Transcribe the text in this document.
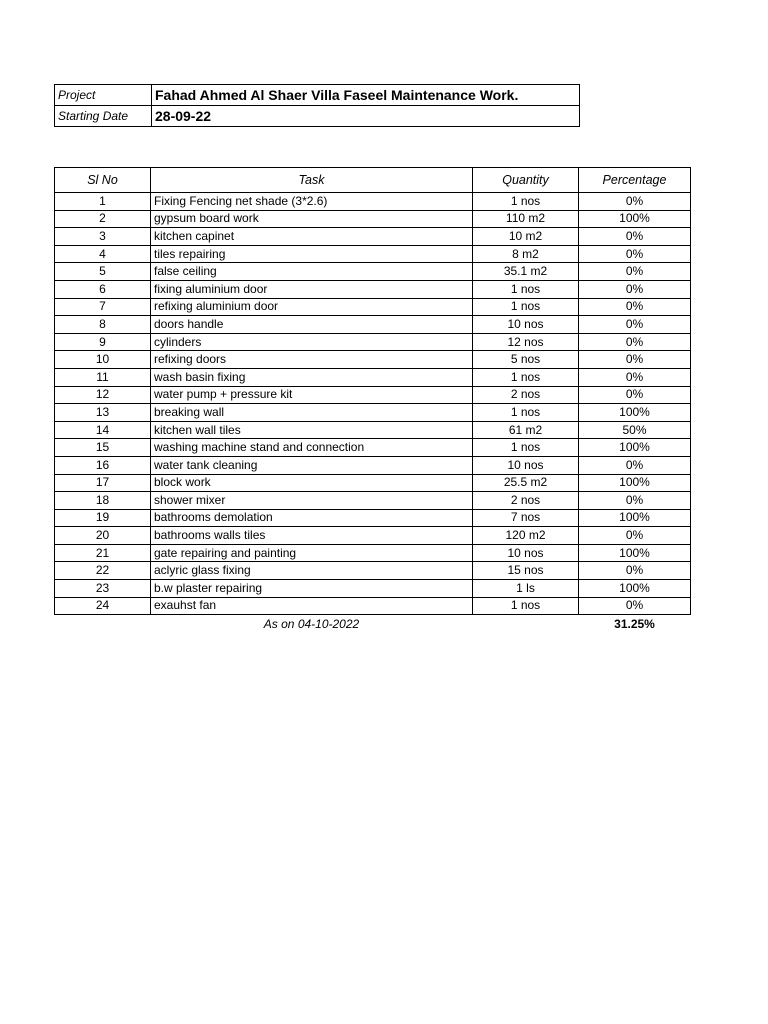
Project	Fahad Ahmed Al Shaer Villa Faseel Maintenance Work.
Starting Date	28-09-22
Sl No	Task	Quantity	Percentage
1	Fixing Fencing net shade (3*2.6)	1 nos	0%
2	gypsum board work	110 m2	100%
3	kitchen capinet	10 m2	0%
4	tiles repairing	8 m2	0%
5	false ceiling	35.1 m2	0%
6	fixing aluminium door	1 nos	0%
7	refixing aluminium door	1 nos	0%
8	doors handle	10 nos	0%
9	cylinders	12 nos	0%
10	refixing doors	5 nos	0%
11	wash basin fixing	1 nos	0%
12	water pump + pressure kit	2 nos	0%
13	breaking wall	1 nos	100%
14	kitchen wall tiles	61 m2	50%
15	washing machine stand and connection	1 nos	100%
16	water tank cleaning	10 nos	0%
17	block work	25.5 m2	100%
18	shower mixer	2 nos	0%
19	bathrooms demolation	7 nos	100%
20	bathrooms walls tiles	120 m2	0%
21	gate repairing and painting	10 nos	100%
22	aclyric glass fixing	15 nos	0%
23	b.w plaster repairing	1 ls	100%
24	exauhst fan	1 nos	0%
	As on 04-10-2022		31.25%
